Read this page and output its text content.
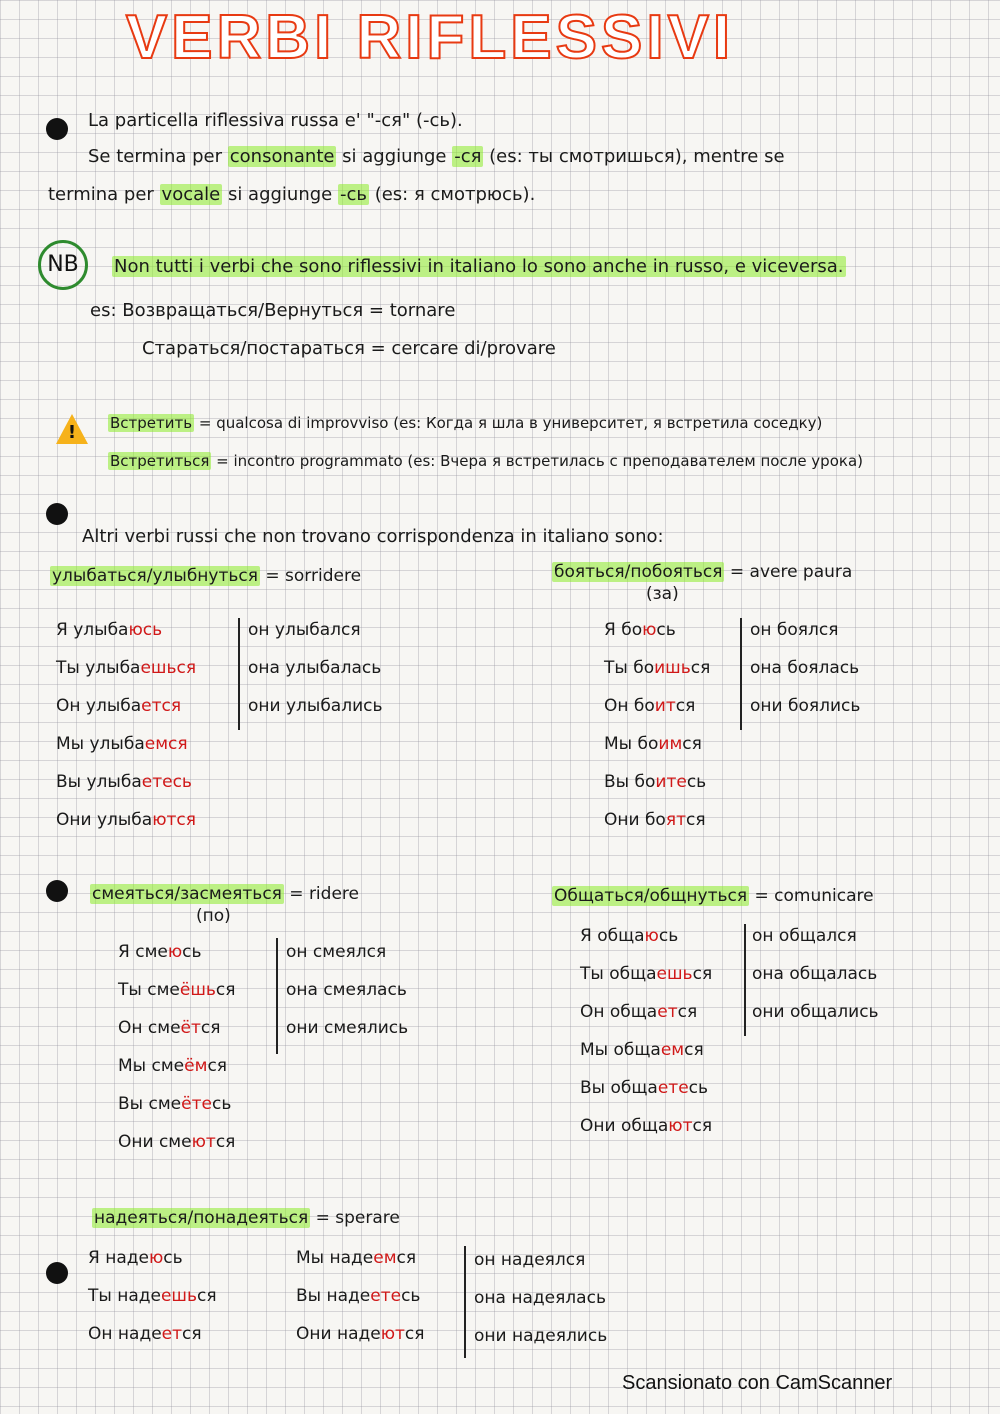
VERBI RIFLESSIVI
La particella riflessiva russa e' "-ся" (-сь).
Se termina per consonante si aggiunge -ся (es: ты смотришься), mentre se
termina per vocale si aggiunge -сь (es: я смотрюсь).
NB	Non tutti i verbi che sono riflessivi in italiano lo sono anche in russo, e viceversa.
es: Возвращаться/Вернуться = tornare
Стараться/постараться = cercare di/provare
!	Встретить = qualcosa di improvviso (es: Когда я шла в университет, я встретила соседку)
Встретиться = incontro programmato (es: Вчера я встретилась с преподавателем после урока)
Altri verbi russi che non trovano corrispondenza in italiano sono:
улыбаться/улыбнуться = sorridere
Я улыбаюсь
Ты улыбаешься
Он улыбается
Мы улыбаемся
Вы улыбаетесь
Они улыбаются
он улыбался
она улыбалась
они улыбались
бояться/побояться = avere paura
(за)
Я боюсь
Ты боишься
Он боится
Мы боимся
Вы боитесь
Они боятся
он боялся
она боялась
они боялись
смеяться/засмеяться = ridere
(по)
Я смеюсь
Ты смеёшься
Он смеётся
Мы смеёмся
Вы смеётесь
Они смеются
он смеялся
она смеялась
они смеялись
Общаться/общнуться = comunicare
Я общаюсь
Ты общаешься
Он общается
Мы общаемся
Вы общаетесь
Они общаются
он общался
она общалась
они общались
надеяться/понадеяться = sperare
Я надеюсь
Ты надеешься
Он надеется
Мы надеемся
Вы надеетесь
Они надеются
он надеялся
она надеялась
они надеялись
Scansionato con CamScanner
